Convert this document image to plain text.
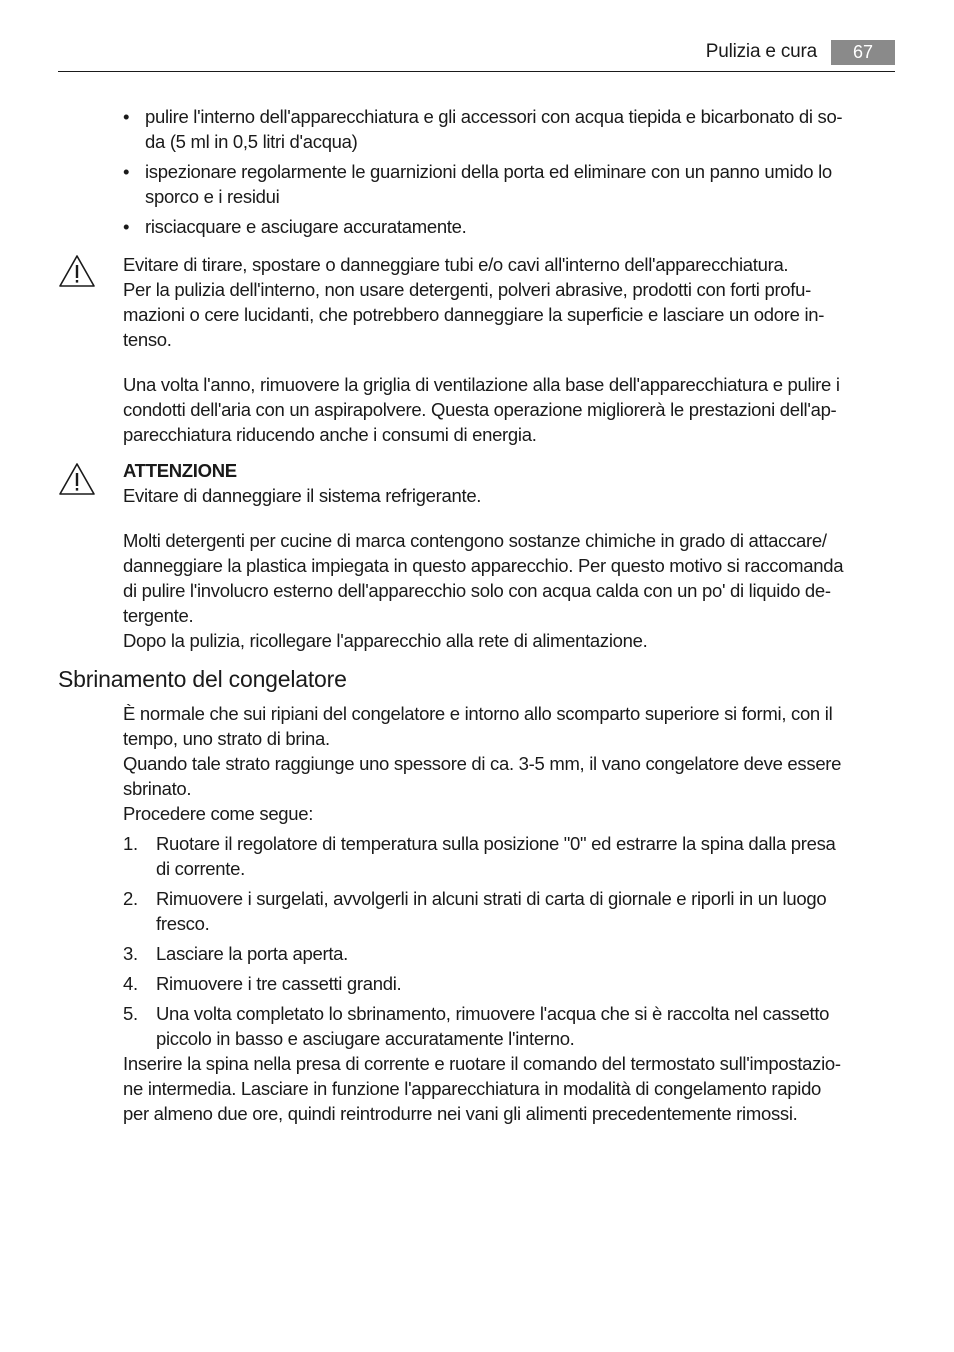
Pulizia e cura	67
• pulire l'interno dell'apparecchiatura e gli accessori con acqua tiepida e bicarbonato di so-
da (5 ml in 0,5 litri d'acqua)
• ispezionare regolarmente le guarnizioni della porta ed eliminare con un panno umido lo
sporco e i residui
• risciacquare e asciugare accuratamente.
Evitare di tirare, spostare o danneggiare tubi e/o cavi all'interno dell'apparecchiatura.
Per la pulizia dell'interno, non usare detergenti, polveri abrasive, prodotti con forti profu-
mazioni o cere lucidanti, che potrebbero danneggiare la superficie e lasciare un odore in-
tenso.
Una volta l'anno, rimuovere la griglia di ventilazione alla base dell'apparecchiatura e pulire i
condotti dell'aria con un aspirapolvere. Questa operazione migliorerà le prestazioni dell'ap-
parecchiatura riducendo anche i consumi di energia.
ATTENZIONE
Evitare di danneggiare il sistema refrigerante.
Molti detergenti per cucine di marca contengono sostanze chimiche in grado di attaccare/
danneggiare la plastica impiegata in questo apparecchio. Per questo motivo si raccomanda
di pulire l'involucro esterno dell'apparecchio solo con acqua calda con un po' di liquido de-
tergente.
Dopo la pulizia, ricollegare l'apparecchio alla rete di alimentazione.
Sbrinamento del congelatore
È normale che sui ripiani del congelatore e intorno allo scomparto superiore si formi, con il
tempo, uno strato di brina.
Quando tale strato raggiunge uno spessore di ca. 3-5 mm, il vano congelatore deve essere
sbrinato.
Procedere come segue:
1. Ruotare il regolatore di temperatura sulla posizione "0" ed estrarre la spina dalla presa
di corrente.
2. Rimuovere i surgelati, avvolgerli in alcuni strati di carta di giornale e riporli in un luogo
fresco.
3. Lasciare la porta aperta.
4. Rimuovere i tre cassetti grandi.
5. Una volta completato lo sbrinamento, rimuovere l'acqua che si è raccolta nel cassetto
piccolo in basso e asciugare accuratamente l'interno.
Inserire la spina nella presa di corrente e ruotare il comando del termostato sull'impostazio-
ne intermedia. Lasciare in funzione l'apparecchiatura in modalità di congelamento rapido
per almeno due ore, quindi reintrodurre nei vani gli alimenti precedentemente rimossi.
